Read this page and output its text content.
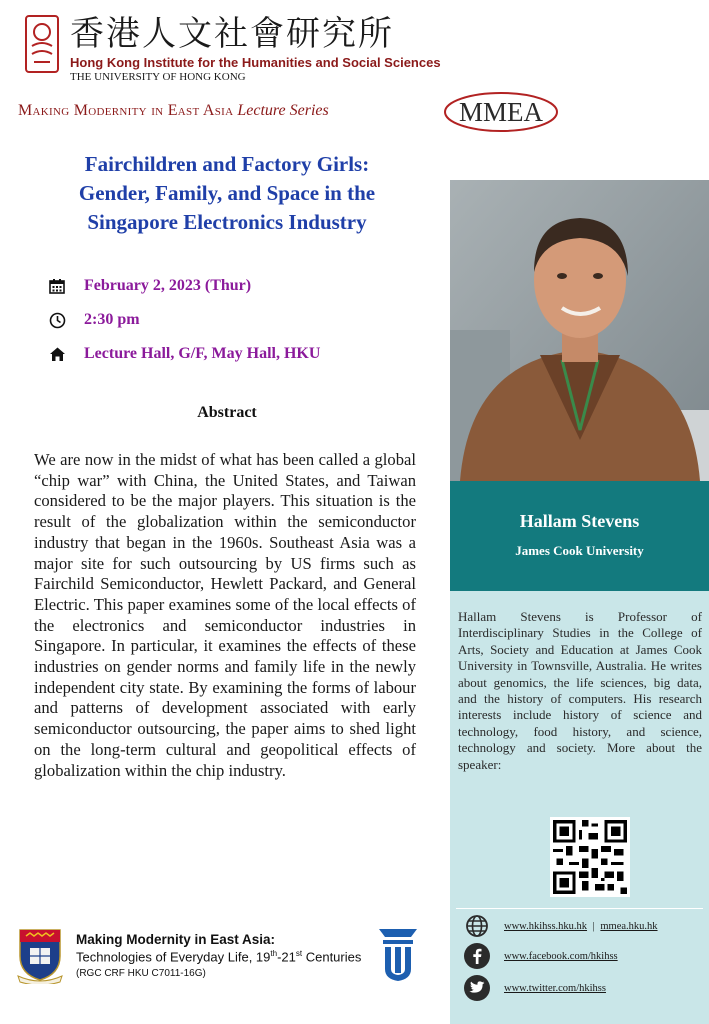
香港人文社會研究所
Hong Kong Institute for the Humanities and Social Sciences
THE UNIVERSITY OF HONG KONG
Making Modernity in East Asia Lecture Series	MMEA
Fairchildren and Factory Girls:
Gender, Family, and Space in the
Singapore Electronics Industry
February 2, 2023 (Thur)
2:30 pm
Lecture Hall, G/F, May Hall, HKU
Abstract
We are now in the midst of what has been called a global “chip war” with China, the United States, and Taiwan considered to be the major players. This situation is the result of the globalization within the semiconductor industry that began in the 1960s. Southeast Asia was a major site for such outsourcing by US firms such as Fairchild Semiconductor, Hewlett Packard, and General Electric. This paper examines some of the local effects of the electronics and semiconductor industries in Singapore. In particular, it examines the effects of these industries on gender norms and family life in the newly independent city state. By examining the forms of labour and patterns of development associated with early semiconductor outsourcing, the paper aims to shed light on the long-term cultural and geopolitical effects of globalization within the chip industry.
Hallam Stevens
James Cook University
Hallam Stevens is Professor of Interdisciplinary Studies in the College of Arts, Society and Education at James Cook University in Townsville, Australia. He writes about genomics, the life sciences, big data, and the history of computers. His research interests include history of science and technology, food history, and science, technology and society. More about the speaker:
www.hkihss.hku.hk | mmea.hku.hk
www.facebook.com/hkihss
www.twitter.com/hkihss
Making Modernity in East Asia:
Technologies of Everyday Life, 19th-21st Centuries
(RGC CRF HKU C7011-16G)
